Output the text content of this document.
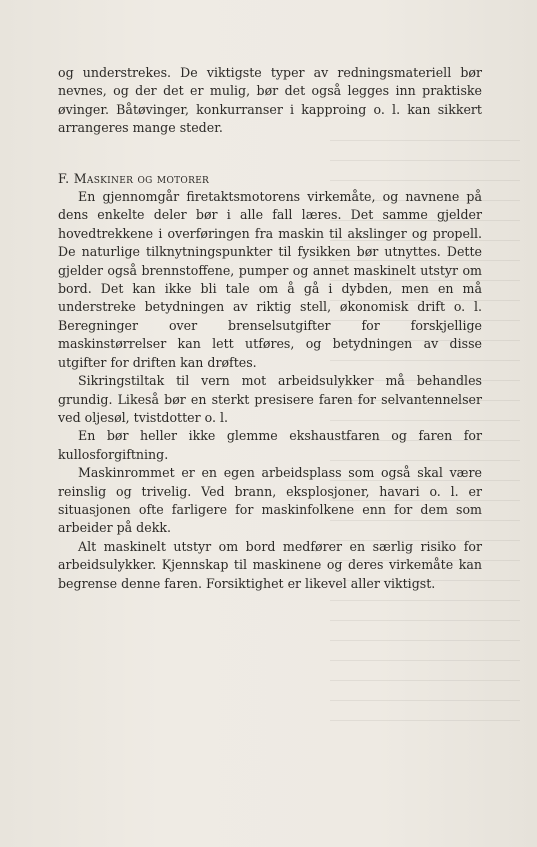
og understrekes. De viktigste typer av redningsmateriell bør nevnes, og der det er mulig, bør det også legges inn praktiske øvinger. Båtøvinger, konkurranser i kapproing o. l. kan sikkert arrangeres mange steder.

F. Maskiner og motorer

En gjennomgår firetaktsmotorens virkemåte, og navnene på dens enkelte deler bør i alle fall læres. Det samme gjelder hovedtrekkene i overføringen fra maskin til akslinger og propell. De naturlige tilknytningspunkter til fysikken bør utnyttes. Dette gjelder også brennstoffene, pumper og annet maskinelt utstyr om bord. Det kan ikke bli tale om å gå i dybden, men en må understreke betydningen av riktig stell, økonomisk drift o. l. Beregninger over brenselsutgifter for forskjellige maskinstørrelser kan lett utføres, og betydningen av disse utgifter for driften kan drøftes.

Sikringstiltak til vern mot arbeidsulykker må behandles grundig. Likeså bør en sterkt presisere faren for selvantennelser ved oljesøl, tvistdotter o. l.

En bør heller ikke glemme ekshaustfaren og faren for kullosforgiftning.

Maskinrommet er en egen arbeidsplass som også skal være reinslig og trivelig. Ved brann, eksplosjoner, havari o. l. er situasjonen ofte farligere for maskinfolkene enn for dem som arbeider på dekk.

Alt maskinelt utstyr om bord medfører en særlig risiko for arbeidsulykker. Kjennskap til maskinene og deres virkemåte kan begrense denne faren. Forsiktighet er likevel aller viktigst.
